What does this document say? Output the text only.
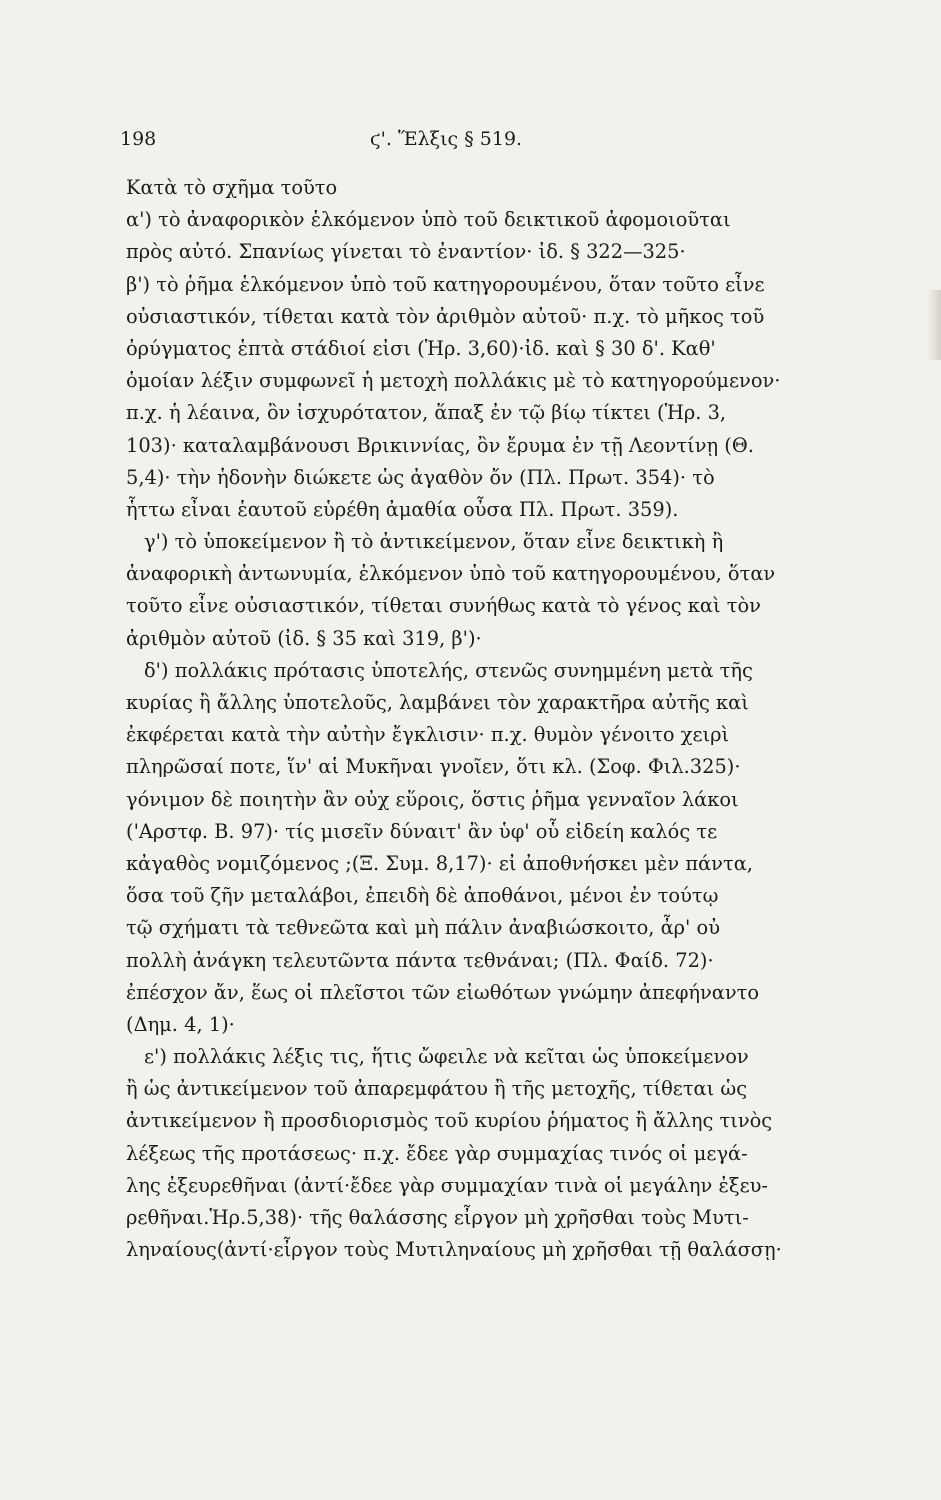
198	ϛ'. Ἕλξις § 519.
Κατὰ τὸ σχῆμα τοῦτο
α') τὸ ἀναφορικὸν ἑλκόμενον ὑπὸ τοῦ δεικτικοῦ ἀφομοιοῦται
πρὸς αὐτό. Σπανίως γίνεται τὸ ἐναντίον· ἰδ. § 322—325·
β') τὸ ῥῆμα ἑλκόμενον ὑπὸ τοῦ κατηγορουμένου, ὅταν τοῦτο εἶνε
οὐσιαστικόν, τίθεται κατὰ τὸν ἀριθμὸν αὐτοῦ· π.χ. τὸ μῆκος τοῦ
ὀρύγματος ἑπτὰ στάδιοί εἰσι (Ἡρ. 3,60)·ἰδ. καὶ § 30 δ'. Καθ'
ὁμοίαν λέξιν συμφωνεῖ ἡ μετοχὴ πολλάκις μὲ τὸ κατηγορούμενον·
π.χ. ἡ λέαινα, ὂν ἰσχυρότατον, ἅπαξ ἐν τῷ βίῳ τίκτει (Ἡρ. 3,
103)· καταλαμβάνουσι Βρικιννίας, ὂν ἔρυμα ἐν τῇ Λεοντίνῃ (Θ.
5,4)· τὴν ἡδονὴν διώκετε ὡς ἀγαθὸν ὄν (Πλ. Πρωτ. 354)· τὸ
ἧττω εἶναι ἑαυτοῦ εὑρέθη ἀμαθία οὖσα Πλ. Πρωτ. 359).
γ') τὸ ὑποκείμενον ἢ τὸ ἀντικείμενον, ὅταν εἶνε δεικτικὴ ἢ
ἀναφορικὴ ἀντωνυμία, ἑλκόμενον ὑπὸ τοῦ κατηγορουμένου, ὅταν
τοῦτο εἶνε οὐσιαστικόν, τίθεται συνήθως κατὰ τὸ γένος καὶ τὸν
ἀριθμὸν αὐτοῦ (ἰδ. § 35 καὶ 319, β')·
δ') πολλάκις πρότασις ὑποτελής, στενῶς συνημμένη μετὰ τῆς
κυρίας ἢ ἄλλης ὑποτελοῦς, λαμβάνει τὸν χαρακτῆρα αὐτῆς καὶ
ἐκφέρεται κατὰ τὴν αὐτὴν ἔγκλισιν· π.χ. θυμὸν γένοιτο χειρὶ
πληρῶσαί ποτε, ἵν' αἱ Μυκῆναι γνοῖεν, ὅτι κλ. (Σοφ. Φιλ.325)·
γόνιμον δὲ ποιητὴν ἂν οὐχ εὕροις, ὅστις ῥῆμα γενναῖον λάκοι
('Αρστφ. Β. 97)· τίς μισεῖν δύναιτ' ἂν ὑφ' οὗ εἰδείη καλός τε
κἀγαθὸς νομιζόμενος ;(Ξ. Συμ. 8,17)· εἰ ἀποθνήσκει μὲν πάντα,
ὅσα τοῦ ζῆν μεταλάβοι, ἐπειδὴ δὲ ἀποθάνοι, μένοι ἐν τούτῳ
τῷ σχήματι τὰ τεθνεῶτα καὶ μὴ πάλιν ἀναβιώσκοιτο, ἆρ' οὐ
πολλὴ ἀνάγκη τελευτῶντα πάντα τεθνάναι; (Πλ. Φαίδ. 72)·
ἐπέσχον ἄν, ἕως οἱ πλεῖστοι τῶν εἰωθότων γνώμην ἀπεφήναντο
(Δημ. 4, 1)·
ε') πολλάκις λέξις τις, ἥτις ὤφειλε νὰ κεῖται ὡς ὑποκείμενον
ἢ ὡς ἀντικείμενον τοῦ ἀπαρεμφάτου ἢ τῆς μετοχῆς, τίθεται ὡς
ἀντικείμενον ἢ προσδιορισμὸς τοῦ κυρίου ῥήματος ἢ ἄλλης τινὸς
λέξεως τῆς προτάσεως· π.χ. ἔδεε γὰρ συμμαχίας τινός οἱ μεγά-
λης ἐξευρεθῆναι (ἀντί·ἔδεε γὰρ συμμαχίαν τινὰ οἱ μεγάλην ἐξευ-
ρεθῆναι.Ἡρ.5,38)· τῆς θαλάσσης εἶργον μὴ χρῆσθαι τοὺς Μυτι-
ληναίους(ἀντί·εἶργον τοὺς Μυτιληναίους μὴ χρῆσθαι τῇ θαλάσσῃ·
